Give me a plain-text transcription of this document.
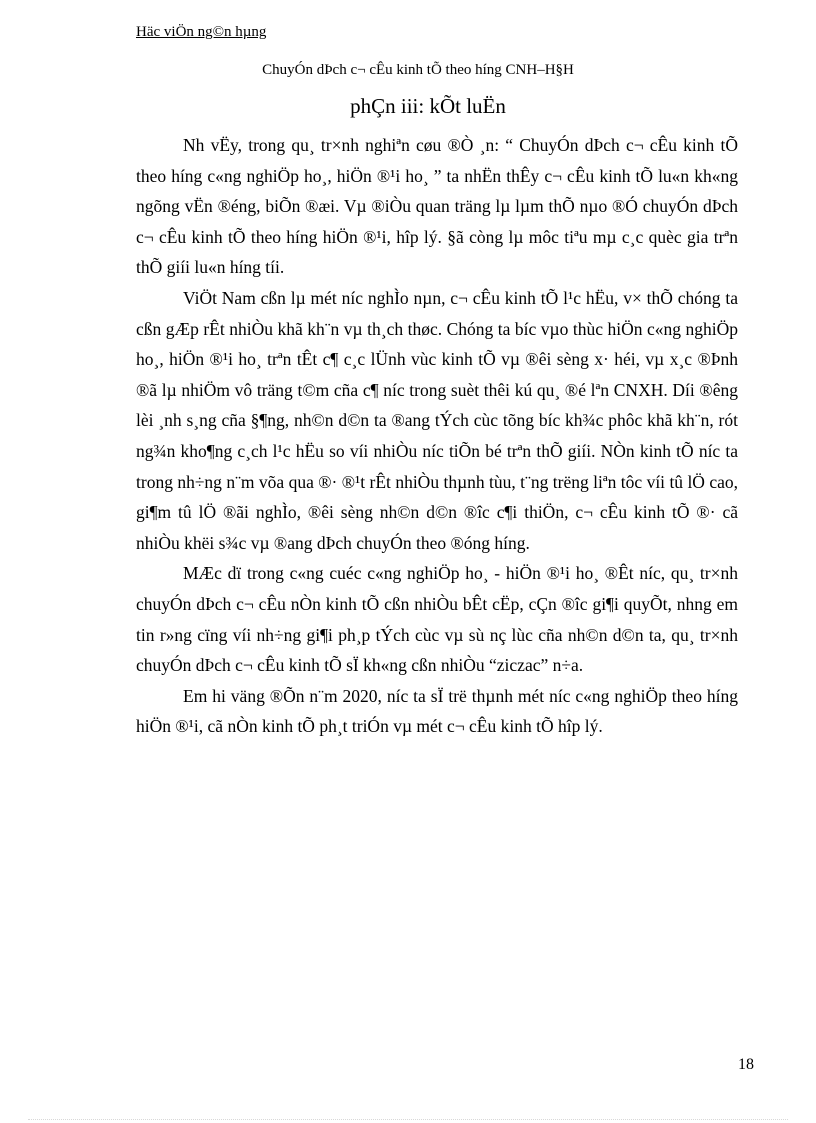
Häc viÖn ng©n hµng
ChuyÓn dÞch c¬ cÊu kinh tÕ theo híng CNH–H§H
phÇn iii: kÕt luËn

Nh vËy, trong qu¸ tr×nh nghiªn cøu ®Ò ¸n: “ ChuyÓn dÞch c¬ cÊu kinh tÕ theo híng c«ng nghiÖp ho¸, hiÖn ®¹i ho¸ ” ta nhËn thÊy c¬ cÊu kinh tÕ lu«n kh«ng ngõng vËn ®éng, biÕn ®æi. Vµ ®iÒu quan träng lµ lµm thÕ nµo ®Ó chuyÓn dÞch c¬ cÊu kinh tÕ theo híng hiÖn ®¹i, hîp lý. §ã còng lµ môc tiªu mµ c¸c quèc gia trªn thÕ giíi lu«n híng tíi.

ViÖt Nam cßn lµ mét níc nghÌo nµn, c¬ cÊu kinh tÕ l¹c hËu, v× thÕ chóng ta cßn gÆp rÊt nhiÒu khã kh¨n vµ th¸ch thøc. Chóng ta bíc vµo thùc hiÖn c«ng nghiÖp ho¸, hiÖn ®¹i ho¸ trªn tÊt c¶ c¸c lÜnh vùc kinh tÕ vµ ®êi sèng x· héi, vµ x¸c ®Þnh ®ã lµ nhiÖm vô träng t©m cña c¶ níc trong suèt thêi kú qu¸ ®é lªn CNXH. Díi ®êng lèi ¸nh s¸ng cña §¶ng, nh©n d©n ta ®ang tÝch cùc tõng bíc kh¾c phôc khã kh¨n, rót ng¾n kho¶ng c¸ch l¹c hËu so víi nhiÒu níc tiÕn bé trªn thÕ giíi. NÒn kinh tÕ níc ta trong nh÷ng n¨m võa qua ®· ®¹t rÊt nhiÒu thµnh tùu, t¨ng trëng liªn tôc víi tû lÖ cao, gi¶m tû lÖ ®ãi nghÌo, ®êi sèng nh©n d©n ®îc c¶i thiÖn, c¬ cÊu kinh tÕ ®· cã nhiÒu khëi s¾c vµ ®ang dÞch chuyÓn theo ®óng híng.

MÆc dï trong c«ng cuéc c«ng nghiÖp ho¸ - hiÖn ®¹i ho¸ ®Êt níc, qu¸ tr×nh chuyÓn dÞch c¬ cÊu nÒn kinh tÕ cßn nhiÒu bÊt cËp, cÇn ®îc gi¶i quyÕt, nhng em tin r»ng cïng víi nh÷ng gi¶i ph¸p tÝch cùc vµ sù nç lùc cña nh©n d©n ta, qu¸ tr×nh chuyÓn dÞch c¬ cÊu kinh tÕ sÏ kh«ng cßn nhiÒu “ziczac” n÷a.

Em hi väng ®Õn n¨m 2020, níc ta sÏ trë thµnh mét níc c«ng nghiÖp theo híng hiÖn ®¹i, cã nÒn kinh tÕ ph¸t triÓn vµ mét c¬ cÊu kinh tÕ hîp lý.

18
